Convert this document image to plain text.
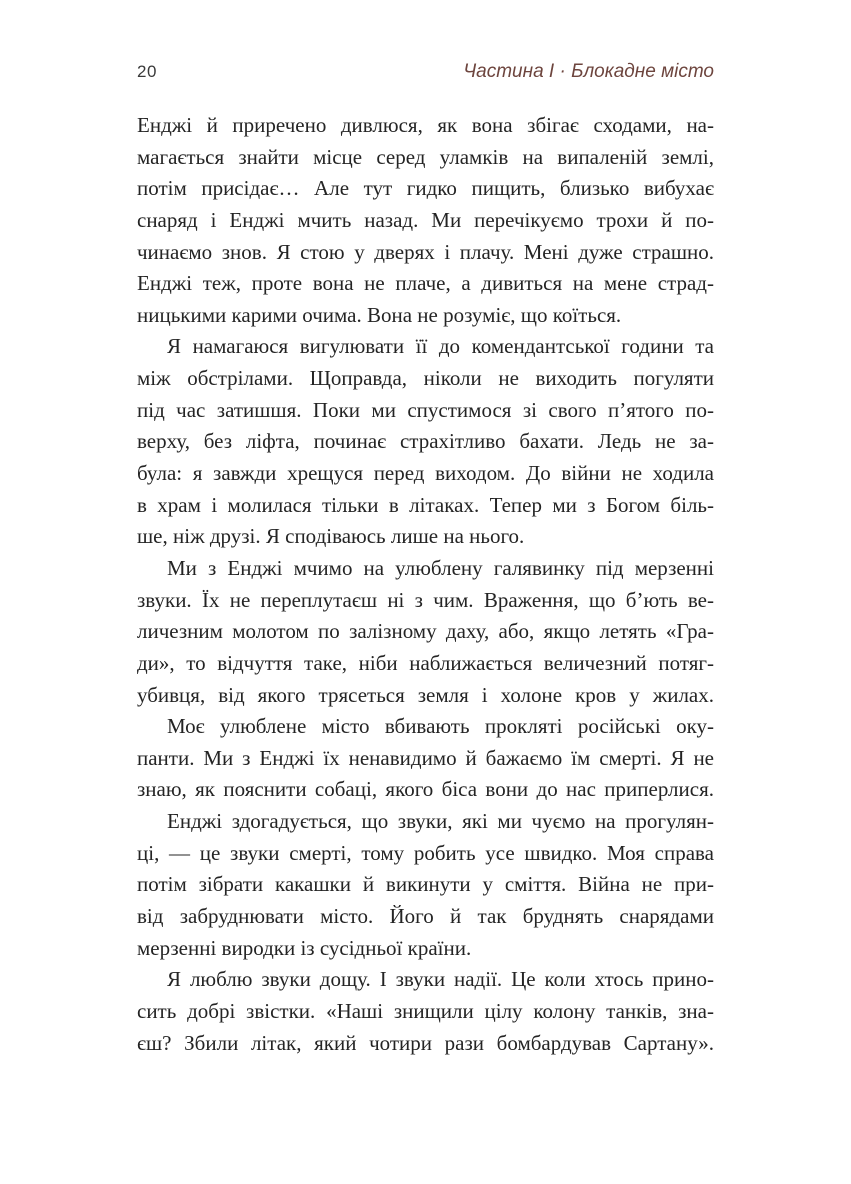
20	Частина I · Блокадне місто

Енджі й приречено дивлюся, як вона збігає сходами, на-
магається знайти місце серед уламків на випаленій землі,
потім присідає… Але тут гидко пищить, близько вибухає
снаряд і Енджі мчить назад. Ми перечікуємо трохи й по-
чинаємо знов. Я стою у дверях і плачу. Мені дуже страшно.
Енджі теж, проте вона не плаче, а дивиться на мене страд-
ницькими карими очима. Вона не розуміє, що коїться.

Я намагаюся вигулювати її до комендантської години та
між обстрілами. Щоправда, ніколи не виходить погуляти
під час затишшя. Поки ми спустимося зі свого п’ятого по-
верху, без ліфта, починає страхітливо бахати. Ледь не за-
була: я завжди хрещуся перед виходом. До війни не ходила
в храм і молилася тільки в літаках. Тепер ми з Богом біль-
ше, ніж друзі. Я сподіваюсь лише на нього.

Ми з Енджі мчимо на улюблену галявинку під мерзенні
звуки. Їх не переплутаєш ні з чим. Враження, що б’ють ве-
личезним молотом по залізному даху, або, якщо летять «Гра-
ди», то відчуття таке, ніби наближається величезний потяг-
убивця, від якого трясеться земля і холоне кров у жилах.

Моє улюблене місто вбивають прокляті російські оку-
панти. Ми з Енджі їх ненавидимо й бажаємо їм смерті. Я не
знаю, як пояснити собаці, якого біса вони до нас приперлися.

Енджі здогадується, що звуки, які ми чуємо на прогулян-
ці, — це звуки смерті, тому робить усе швидко. Моя справа
потім зібрати какашки й викинути у сміття. Війна не при-
від забруднювати місто. Його й так бруднять снарядами
мерзенні виродки із сусідньої країни.

Я люблю звуки дощу. І звуки надії. Це коли хтось прино-
сить добрі звістки. «Наші знищили цілу колону танків, зна-
єш? Збили літак, який чотири рази бомбардував Сартану».
